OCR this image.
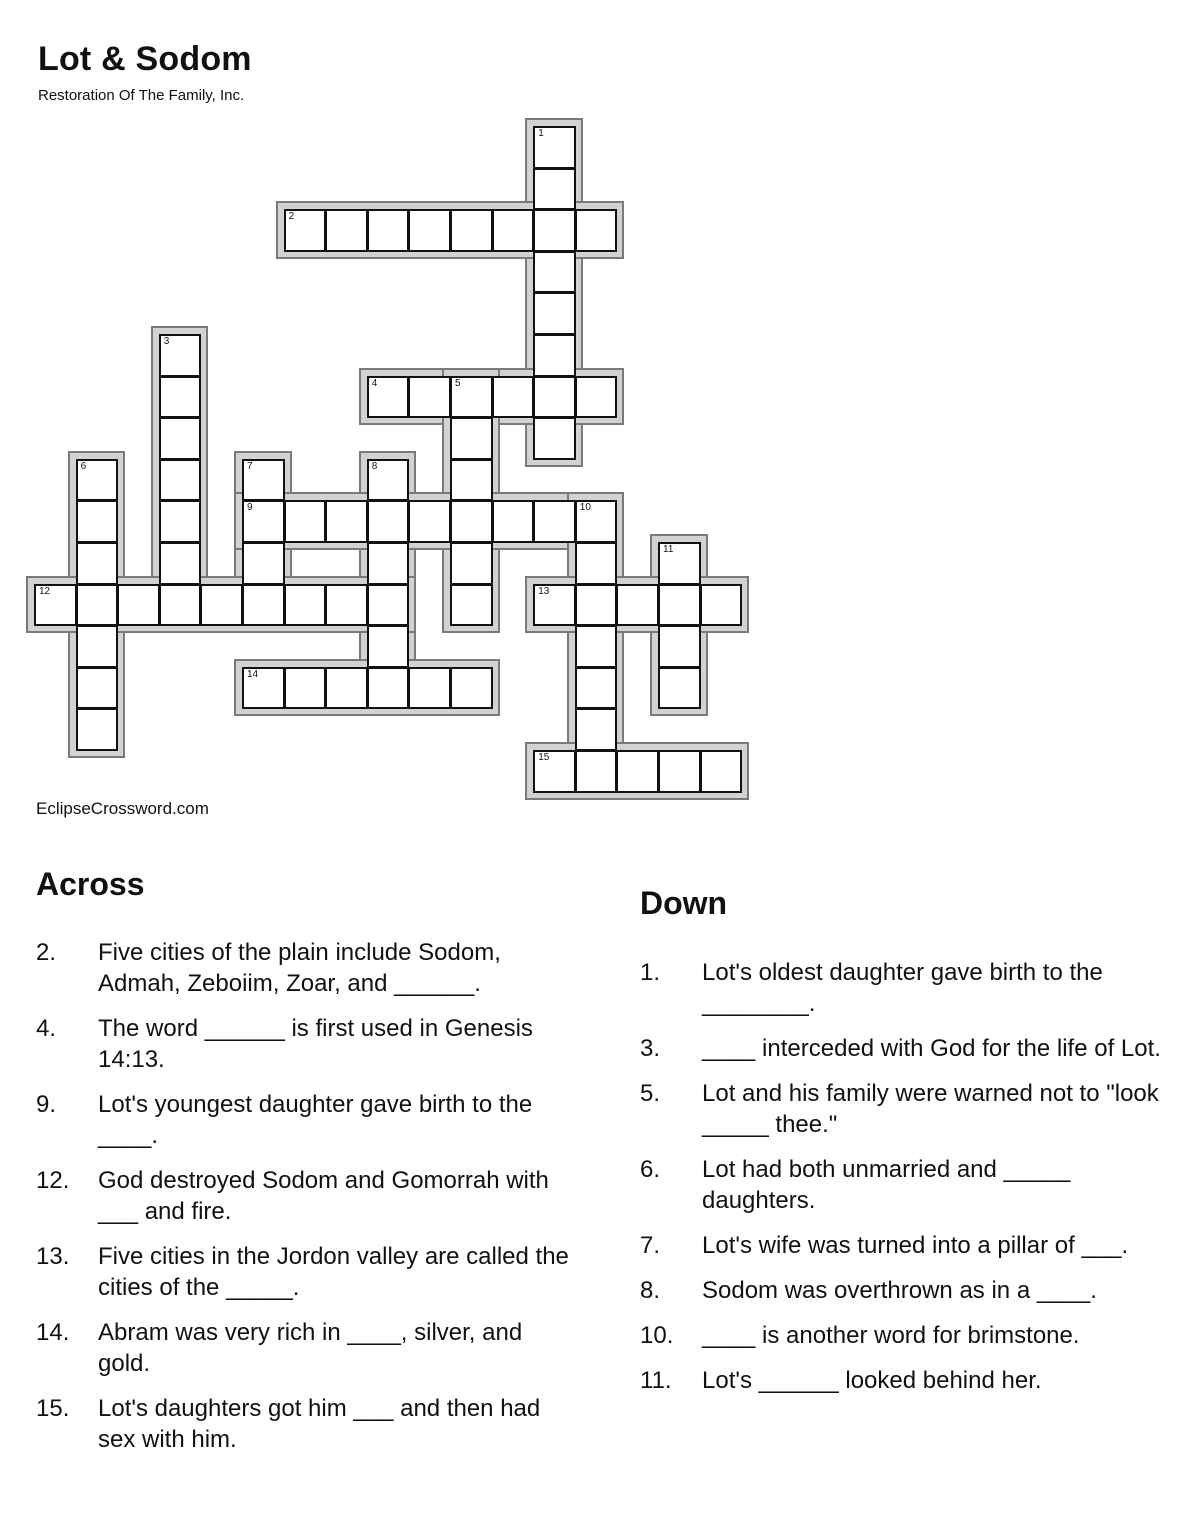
Lot & Sodom
Restoration Of The Family, Inc.
1
2
3
4	5
6	7
9
8
10
11
12	13
14
15
EclipseCrossword.com
Across
2. Five cities of the plain include Sodom, Admah, Zeboiim, Zoar, and ______.
4. The word ______ is first used in Genesis 14:13.
9. Lot's youngest daughter gave birth to the ____.
12. God destroyed Sodom and Gomorrah with ___ and fire.
13. Five cities in the Jordon valley are called the cities of the _____.
14. Abram was very rich in ____, silver, and gold.
15. Lot's daughters got him ___ and then had sex with him.
Down
1. Lot's oldest daughter gave birth to the ________.
3. ____ interceded with God for the life of Lot.
5. Lot and his family were warned not to "look _____ thee."
6. Lot had both unmarried and _____ daughters.
7. Lot's wife was turned into a pillar of ___.
8. Sodom was overthrown as in a ____.
10. ____ is another word for brimstone.
11. Lot's ______ looked behind her.
